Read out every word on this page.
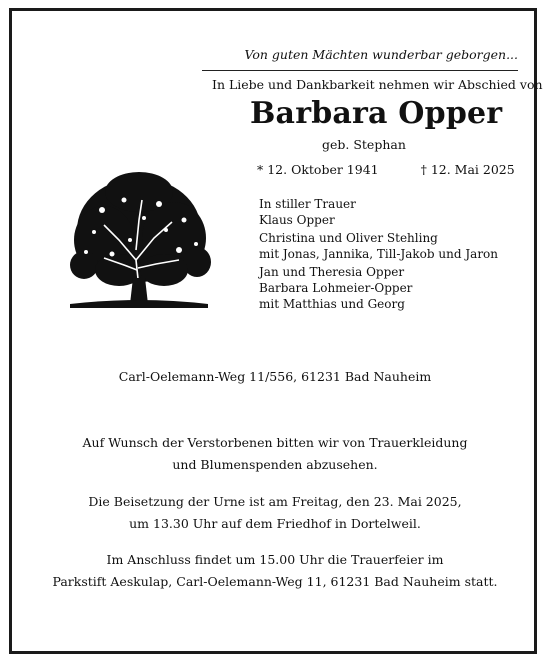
Von guten Mächten wunderbar geborgen...
In Liebe und Dankbarkeit nehmen wir Abschied von
Barbara Opper
geb. Stephan
* 12. Oktober 1941	† 12. Mai 2025
In stiller Trauer
Klaus Opper
Christina und Oliver Stehling
mit Jonas, Jannika, Till-Jakob und Jaron
Jan und Theresia Opper
Barbara Lohmeier-Opper
mit Matthias und Georg
Carl-Oelemann-Weg 11/556, 61231 Bad Nauheim
Auf Wunsch der Verstorbenen bitten wir von Trauerkleidung
und Blumenspenden abzusehen.
Die Beisetzung der Urne ist am Freitag, den 23. Mai 2025,
um 13.30 Uhr auf dem Friedhof in Dortelweil.
Im Anschluss findet um 15.00 Uhr die Trauerfeier im
Parkstift Aeskulap, Carl-Oelemann-Weg 11, 61231 Bad Nauheim statt.
